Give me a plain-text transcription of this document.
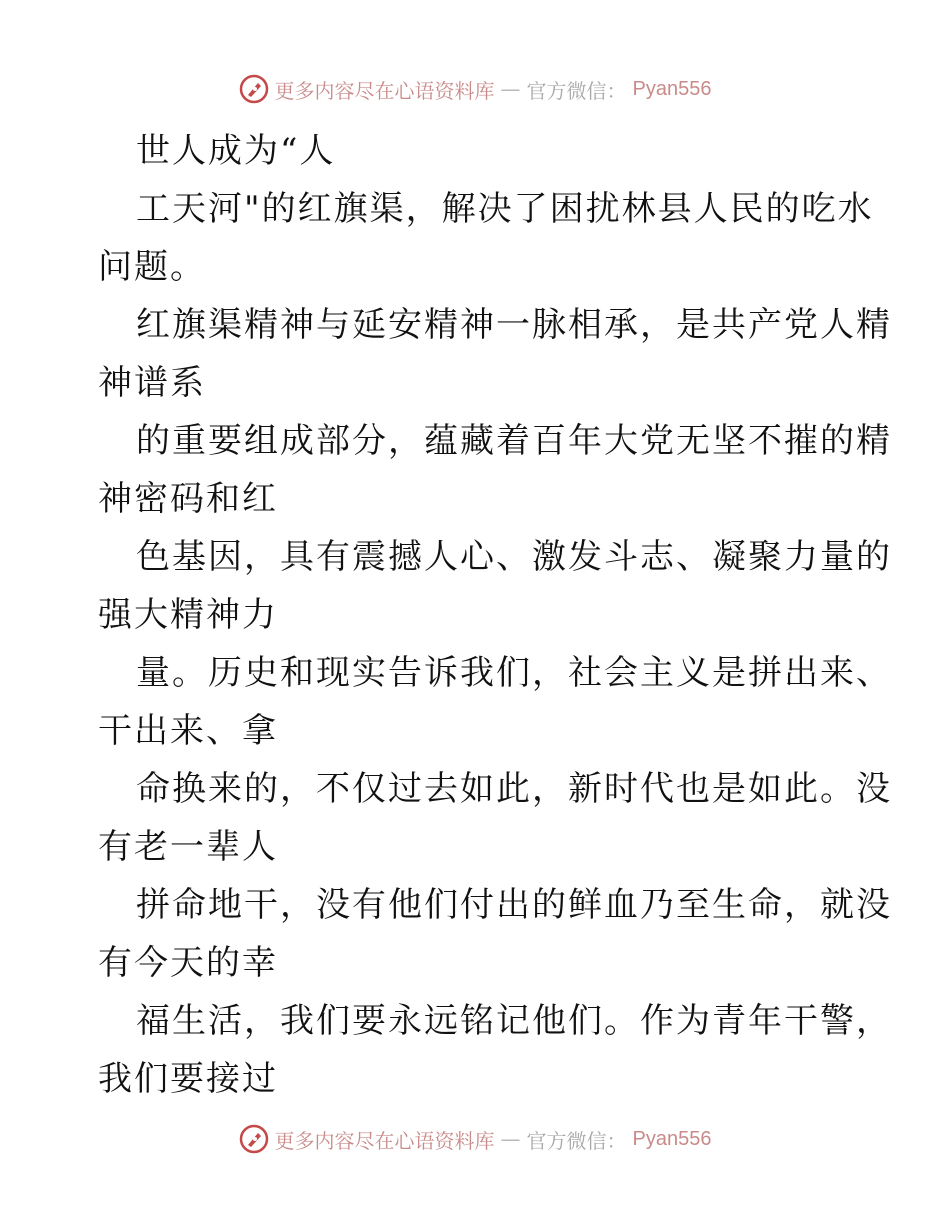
更多内容尽在心语资料库 — 官方微信： Pyan556
世人成为“人
工天河"的红旗渠，解决了困扰林县人民的吃水
问题。
红旗渠精神与延安精神一脉相承，是共产党人精
神谱系
的重要组成部分，蕴藏着百年大党无坚不摧的精
神密码和红
色基因，具有震撼人心、激发斗志、凝聚力量的
强大精神力
量。历史和现实告诉我们，社会主义是拼出来、
干出来、拿
命换来的，不仅过去如此，新时代也是如此。没
有老一辈人
拼命地干，没有他们付出的鲜血乃至生命，就没
有今天的幸
福生活，我们要永远铭记他们。作为青年干警，
我们要接过
更多内容尽在心语资料库 — 官方微信： Pyan556
